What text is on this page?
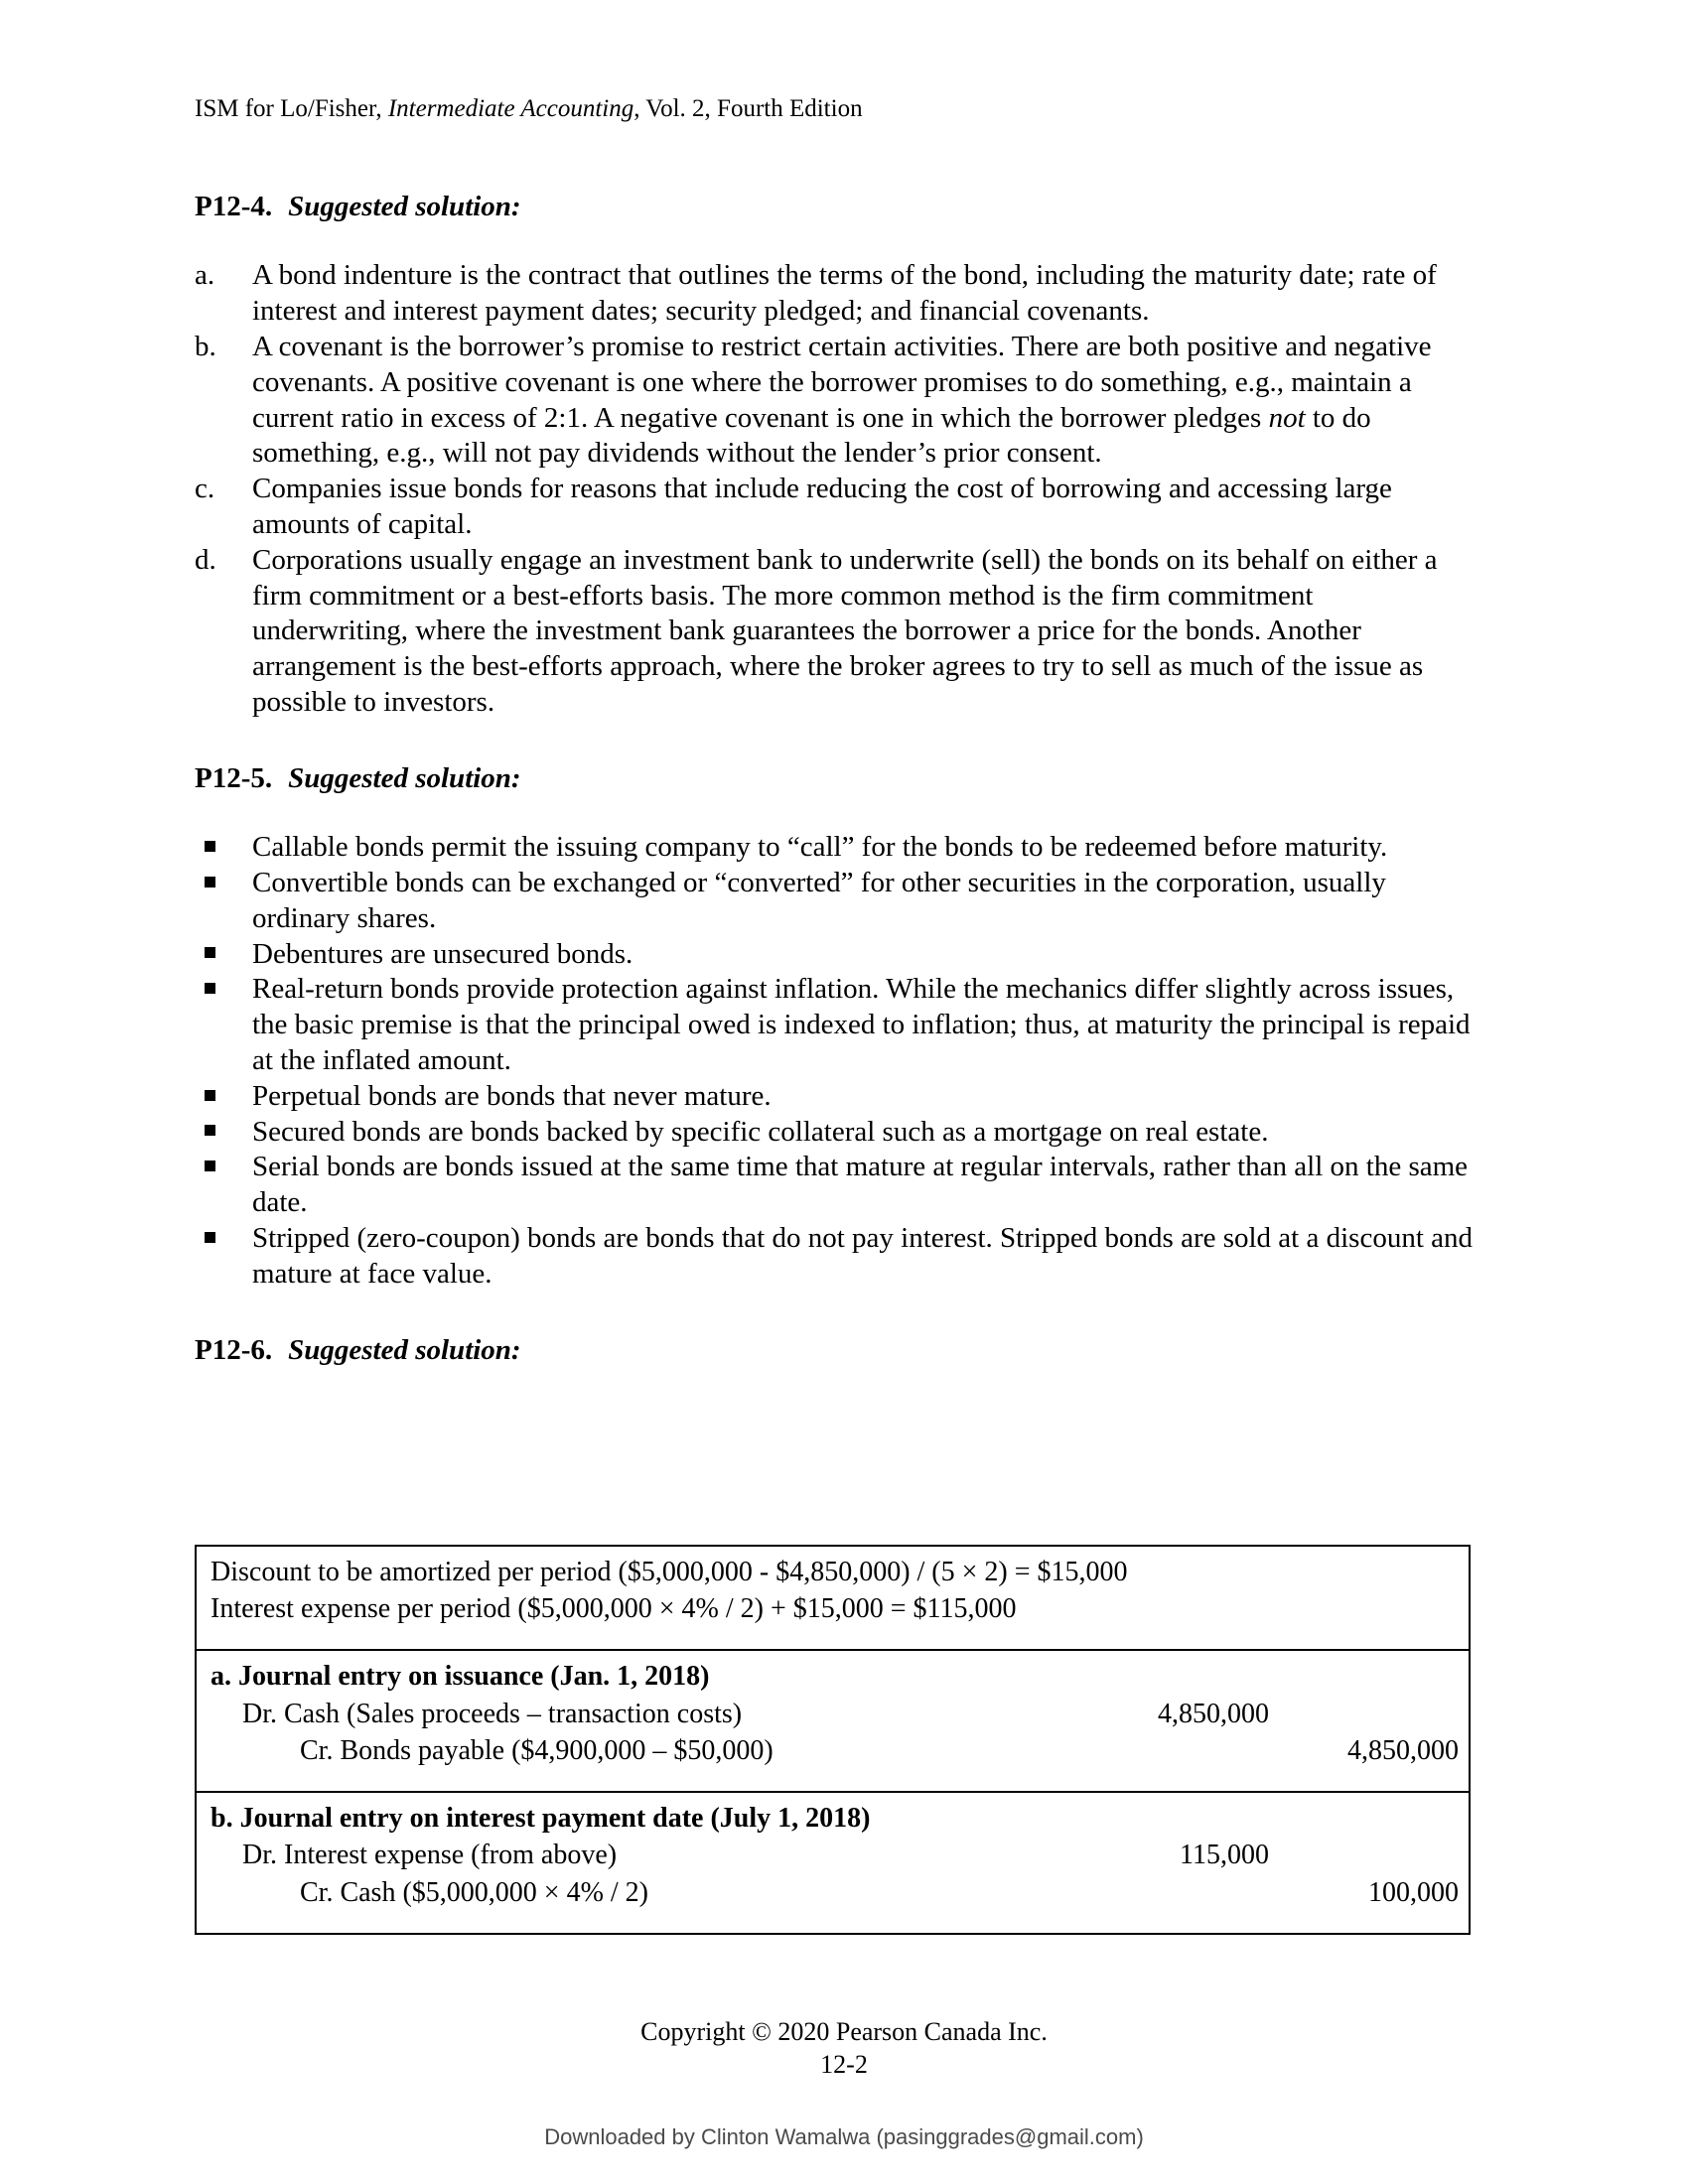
ISM for Lo/Fisher, Intermediate Accounting, Vol. 2, Fourth Edition
P12-4. Suggested solution:
a.	A bond indenture is the contract that outlines the terms of the bond, including the maturity date; rate of interest and interest payment dates; security pledged; and financial covenants.
b.	A covenant is the borrower’s promise to restrict certain activities. There are both positive and negative covenants. A positive covenant is one where the borrower promises to do something, e.g., maintain a current ratio in excess of 2:1. A negative covenant is one in which the borrower pledges not to do something, e.g., will not pay dividends without the lender’s prior consent.
c.	Companies issue bonds for reasons that include reducing the cost of borrowing and accessing large amounts of capital.
d.	Corporations usually engage an investment bank to underwrite (sell) the bonds on its behalf on either a firm commitment or a best-efforts basis. The more common method is the firm commitment underwriting, where the investment bank guarantees the borrower a price for the bonds. Another arrangement is the best-efforts approach, where the broker agrees to try to sell as much of the issue as possible to investors.
P12-5. Suggested solution:
Callable bonds permit the issuing company to “call” for the bonds to be redeemed before maturity.
Convertible bonds can be exchanged or “converted” for other securities in the corporation, usually ordinary shares.
Debentures are unsecured bonds.
Real-return bonds provide protection against inflation. While the mechanics differ slightly across issues, the basic premise is that the principal owed is indexed to inflation; thus, at maturity the principal is repaid at the inflated amount.
Perpetual bonds are bonds that never mature.
Secured bonds are bonds backed by specific collateral such as a mortgage on real estate.
Serial bonds are bonds issued at the same time that mature at regular intervals, rather than all on the same date.
Stripped (zero-coupon) bonds are bonds that do not pay interest. Stripped bonds are sold at a discount and mature at face value.
P12-6. Suggested solution:
Discount to be amortized per period ($5,000,000 - $4,850,000) / (5 × 2) = $15,000
Interest expense per period ($5,000,000 × 4% / 2) + $15,000 = $115,000
a. Journal entry on issuance (Jan. 1, 2018)
Dr. Cash (Sales proceeds – transaction costs)	4,850,000
Cr. Bonds payable ($4,900,000 – $50,000)	4,850,000
b. Journal entry on interest payment date (July 1, 2018)
Dr. Interest expense (from above)	115,000
Cr. Cash ($5,000,000 × 4% / 2)	100,000
Copyright © 2020 Pearson Canada Inc.
12-2
Downloaded by Clinton Wamalwa (pasinggrades@gmail.com)
